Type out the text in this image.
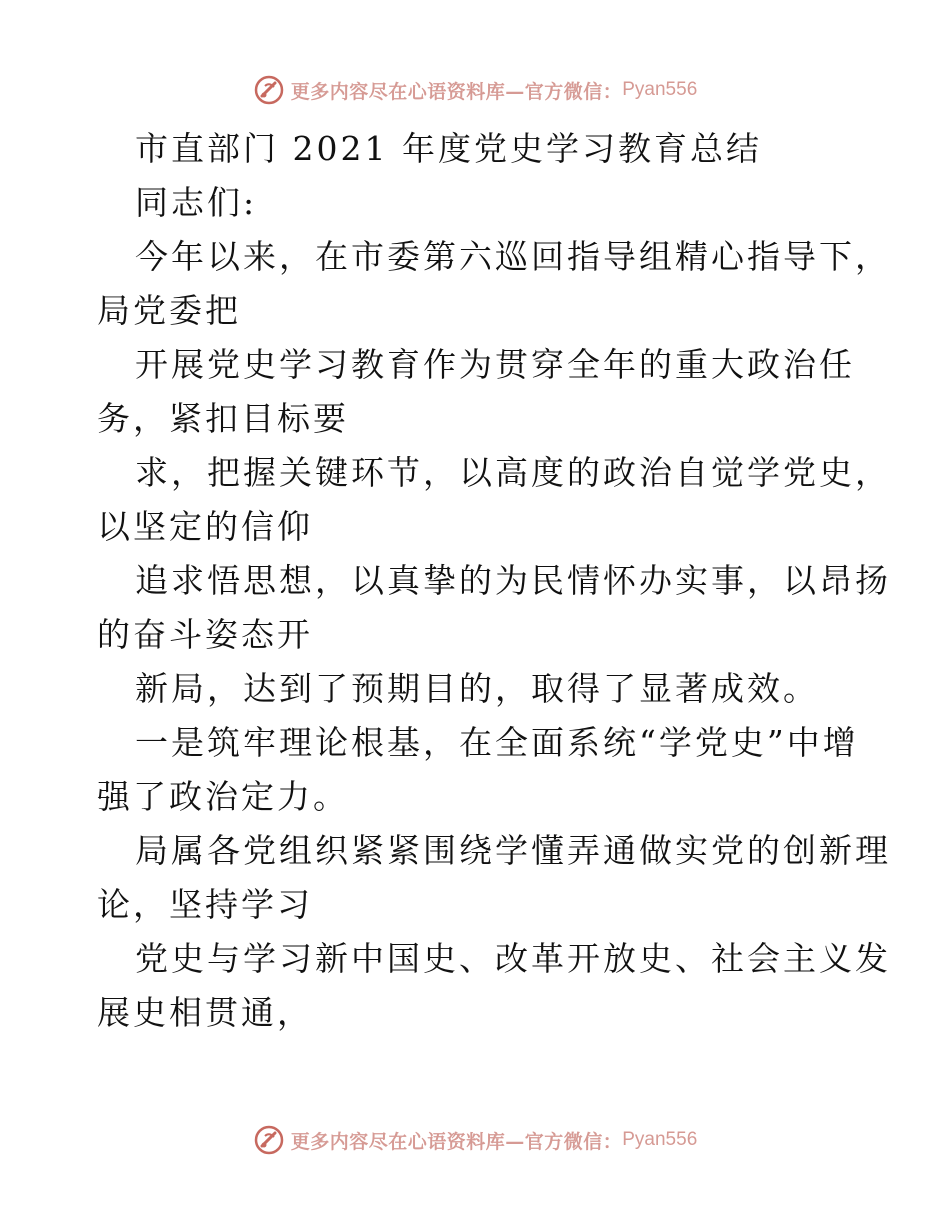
更多内容尽在心语资料库—官方微信： Pyan556
市直部门 2021 年度党史学习教育总结
同志们:
今年以来，在市委第六巡回指导组精心指导下，
局党委把
开展党史学习教育作为贯穿全年的重大政治任
务，紧扣目标要
求，把握关键环节，以高度的政治自觉学党史，
以坚定的信仰
追求悟思想，以真挚的为民情怀办实事，以昂扬
的奋斗姿态开
新局，达到了预期目的，取得了显著成效。
一是筑牢理论根基，在全面系统“学党史”中增
强了政治定力。
局属各党组织紧紧围绕学懂弄通做实党的创新理
论，坚持学习
党史与学习新中国史、改革开放史、社会主义发
展史相贯通，
更多内容尽在心语资料库—官方微信： Pyan556
